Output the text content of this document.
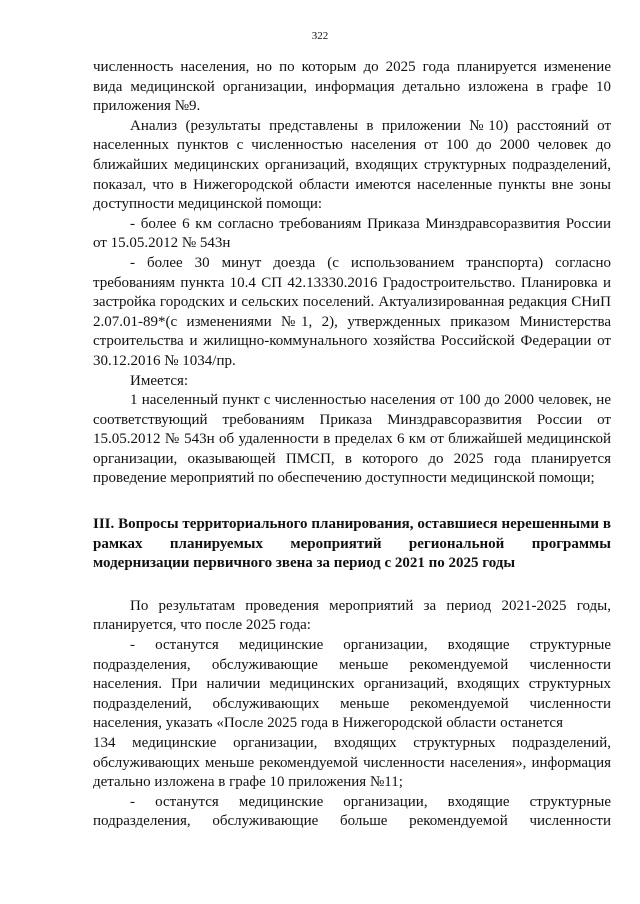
322

численность населения, но по которым до 2025 года планируется изменение вида медицинской организации, информация детально изложена в графе 10 приложения №9.

Анализ (результаты представлены в приложении №10) расстояний от населенных пунктов с численностью населения от 100 до 2000 человек до ближайших медицинских организаций, входящих структурных подразделений, показал, что в Нижегородской области имеются населенные пункты вне зоны доступности медицинской помощи:

- более 6 км согласно требованиям Приказа Минздравсоразвития России от 15.05.2012 № 543н

- более 30 минут доезда (с использованием транспорта) согласно требованиям пункта 10.4 СП 42.13330.2016 Градостроительство. Планировка и застройка городских и сельских поселений. Актуализированная редакция СНиП 2.07.01-89*(с изменениями №1, 2), утвержденных приказом Министерства строительства и жилищно-коммунального хозяйства Российской Федерации от 30.12.2016 № 1034/пр.

Имеется:

1 населенный пункт с численностью населения от 100 до 2000 человек, не соответствующий требованиям Приказа Минздравсоразвития России от 15.05.2012 № 543н об удаленности в пределах 6 км от ближайшей медицинской организации, оказывающей ПМСП, в которого до 2025 года планируется проведение мероприятий по обеспечению доступности медицинской помощи;

III. Вопросы территориального планирования, оставшиеся нерешенными в рамках планируемых мероприятий региональной программы модернизации первичного звена за период с 2021 по 2025 годы

По результатам проведения мероприятий за период 2021-2025 годы, планируется, что после 2025 года:

- останутся медицинские организации, входящие структурные подразделения, обслуживающие меньше рекомендуемой численности населения. При наличии медицинских организаций, входящих структурных подразделений, обслуживающих меньше рекомендуемой численности населения, указать «После 2025 года в Нижегородской области останется

134 медицинские организации, входящих структурных подразделений, обслуживающих меньше рекомендуемой численности населения», информация детально изложена в графе 10 приложения №11;

- останутся медицинские организации, входящие структурные подразделения, обслуживающие больше рекомендуемой численности
